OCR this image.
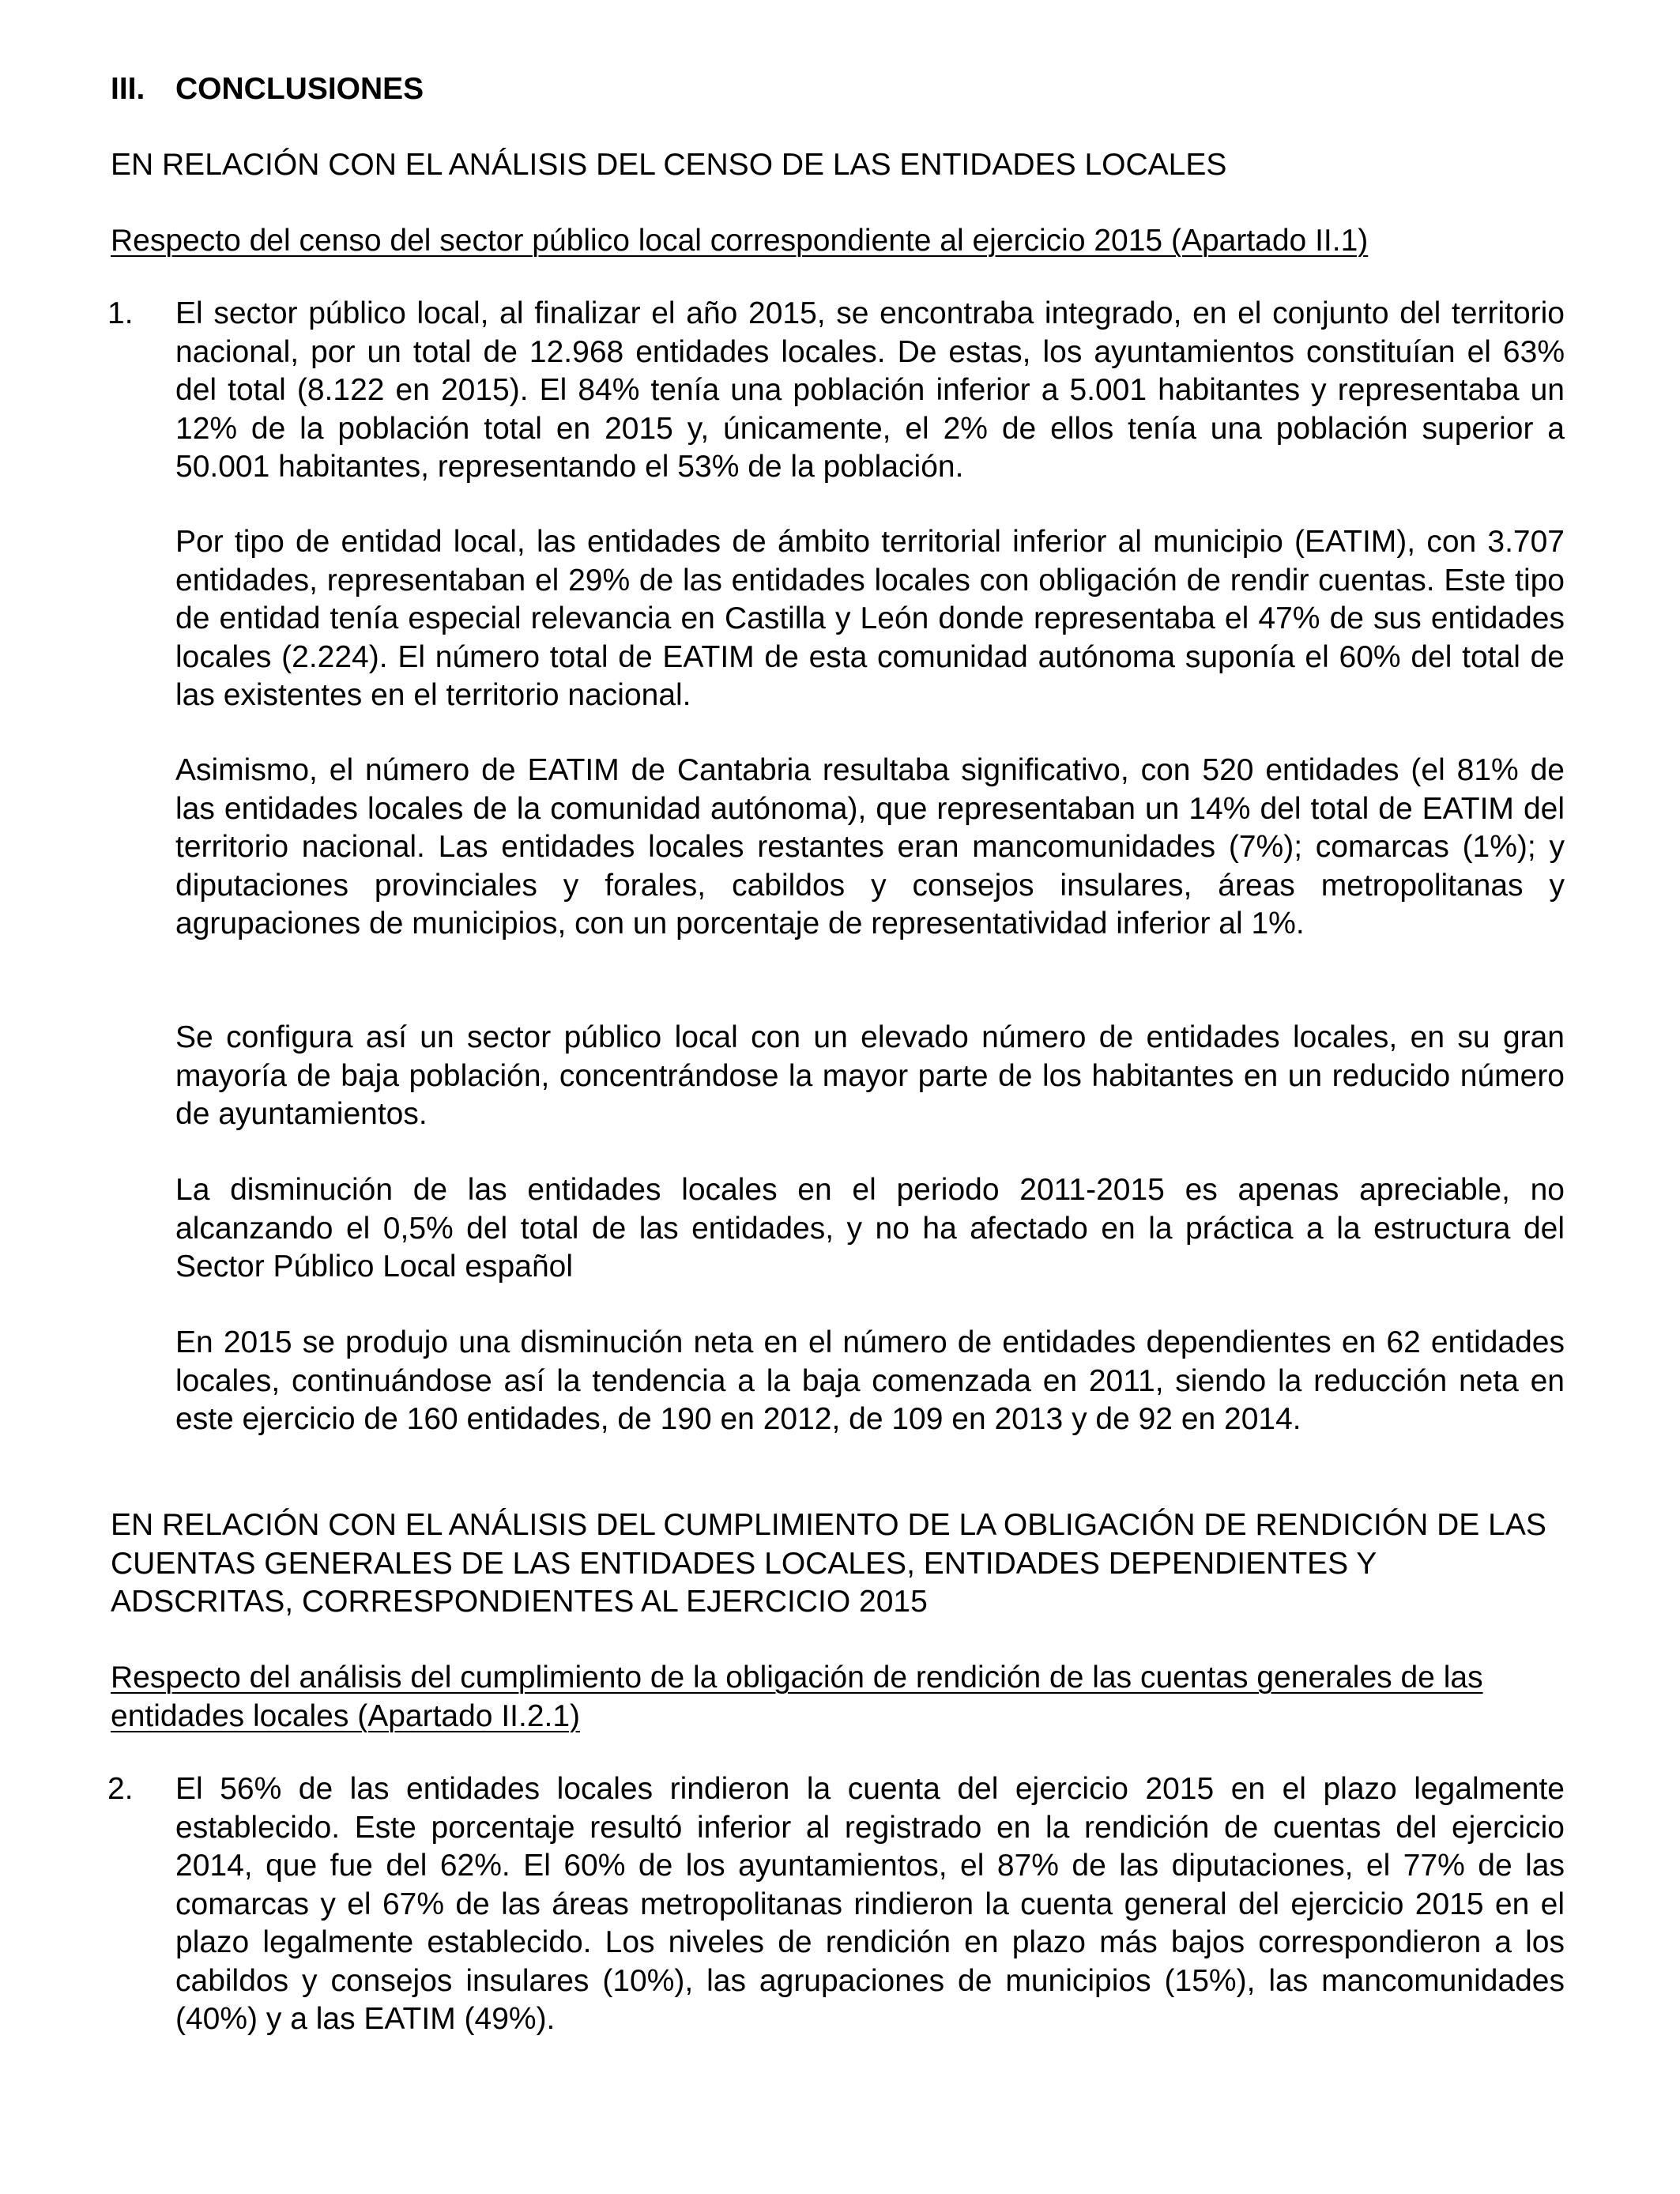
III. CONCLUSIONES

EN RELACIÓN CON EL ANÁLISIS DEL CENSO DE LAS ENTIDADES LOCALES

Respecto del censo del sector público local correspondiente al ejercicio 2015 (Apartado II.1)

1. El sector público local, al finalizar el año 2015, se encontraba integrado, en el conjunto del territorio nacional, por un total de 12.968 entidades locales. De estas, los ayuntamientos constituían el 63% del total (8.122 en 2015). El 84% tenía una población inferior a 5.001 habitantes y representaba un 12% de la población total en 2015 y, únicamente, el 2% de ellos tenía una población superior a 50.001 habitantes, representando el 53% de la población.

Por tipo de entidad local, las entidades de ámbito territorial inferior al municipio (EATIM), con 3.707 entidades, representaban el 29% de las entidades locales con obligación de rendir cuentas. Este tipo de entidad tenía especial relevancia en Castilla y León donde representaba el 47% de sus entidades locales (2.224). El número total de EATIM de esta comunidad autónoma suponía el 60% del total de las existentes en el territorio nacional.

Asimismo, el número de EATIM de Cantabria resultaba significativo, con 520 entidades (el 81% de las entidades locales de la comunidad autónoma), que representaban un 14% del total de EATIM del territorio nacional. Las entidades locales restantes eran mancomunidades (7%); comarcas (1%); y diputaciones provinciales y forales, cabildos y consejos insulares, áreas metropolitanas y agrupaciones de municipios, con un porcentaje de representatividad inferior al 1%.

Se configura así un sector público local con un elevado número de entidades locales, en su gran mayoría de baja población, concentrándose la mayor parte de los habitantes en un reducido número de ayuntamientos.

La disminución de las entidades locales en el periodo 2011-2015 es apenas apreciable, no alcanzando el 0,5% del total de las entidades, y no ha afectado en la práctica a la estructura del Sector Público Local español

En 2015 se produjo una disminución neta en el número de entidades dependientes en 62 entidades locales, continuándose así la tendencia a la baja comenzada en 2011, siendo la reducción neta en este ejercicio de 160 entidades, de 190 en 2012, de 109 en 2013 y de 92 en 2014.

EN RELACIÓN CON EL ANÁLISIS DEL CUMPLIMIENTO DE LA OBLIGACIÓN DE RENDICIÓN DE LAS CUENTAS GENERALES DE LAS ENTIDADES LOCALES, ENTIDADES DEPENDIENTES Y ADSCRITAS, CORRESPONDIENTES AL EJERCICIO 2015

Respecto del análisis del cumplimiento de la obligación de rendición de las cuentas generales de las entidades locales (Apartado II.2.1)

2. El 56% de las entidades locales rindieron la cuenta del ejercicio 2015 en el plazo legalmente establecido. Este porcentaje resultó inferior al registrado en la rendición de cuentas del ejercicio 2014, que fue del 62%. El 60% de los ayuntamientos, el 87% de las diputaciones, el 77% de las comarcas y el 67% de las áreas metropolitanas rindieron la cuenta general del ejercicio 2015 en el plazo legalmente establecido. Los niveles de rendición en plazo más bajos correspondieron a los cabildos y consejos insulares (10%), las agrupaciones de municipios (15%), las mancomunidades (40%) y a las EATIM (49%).
